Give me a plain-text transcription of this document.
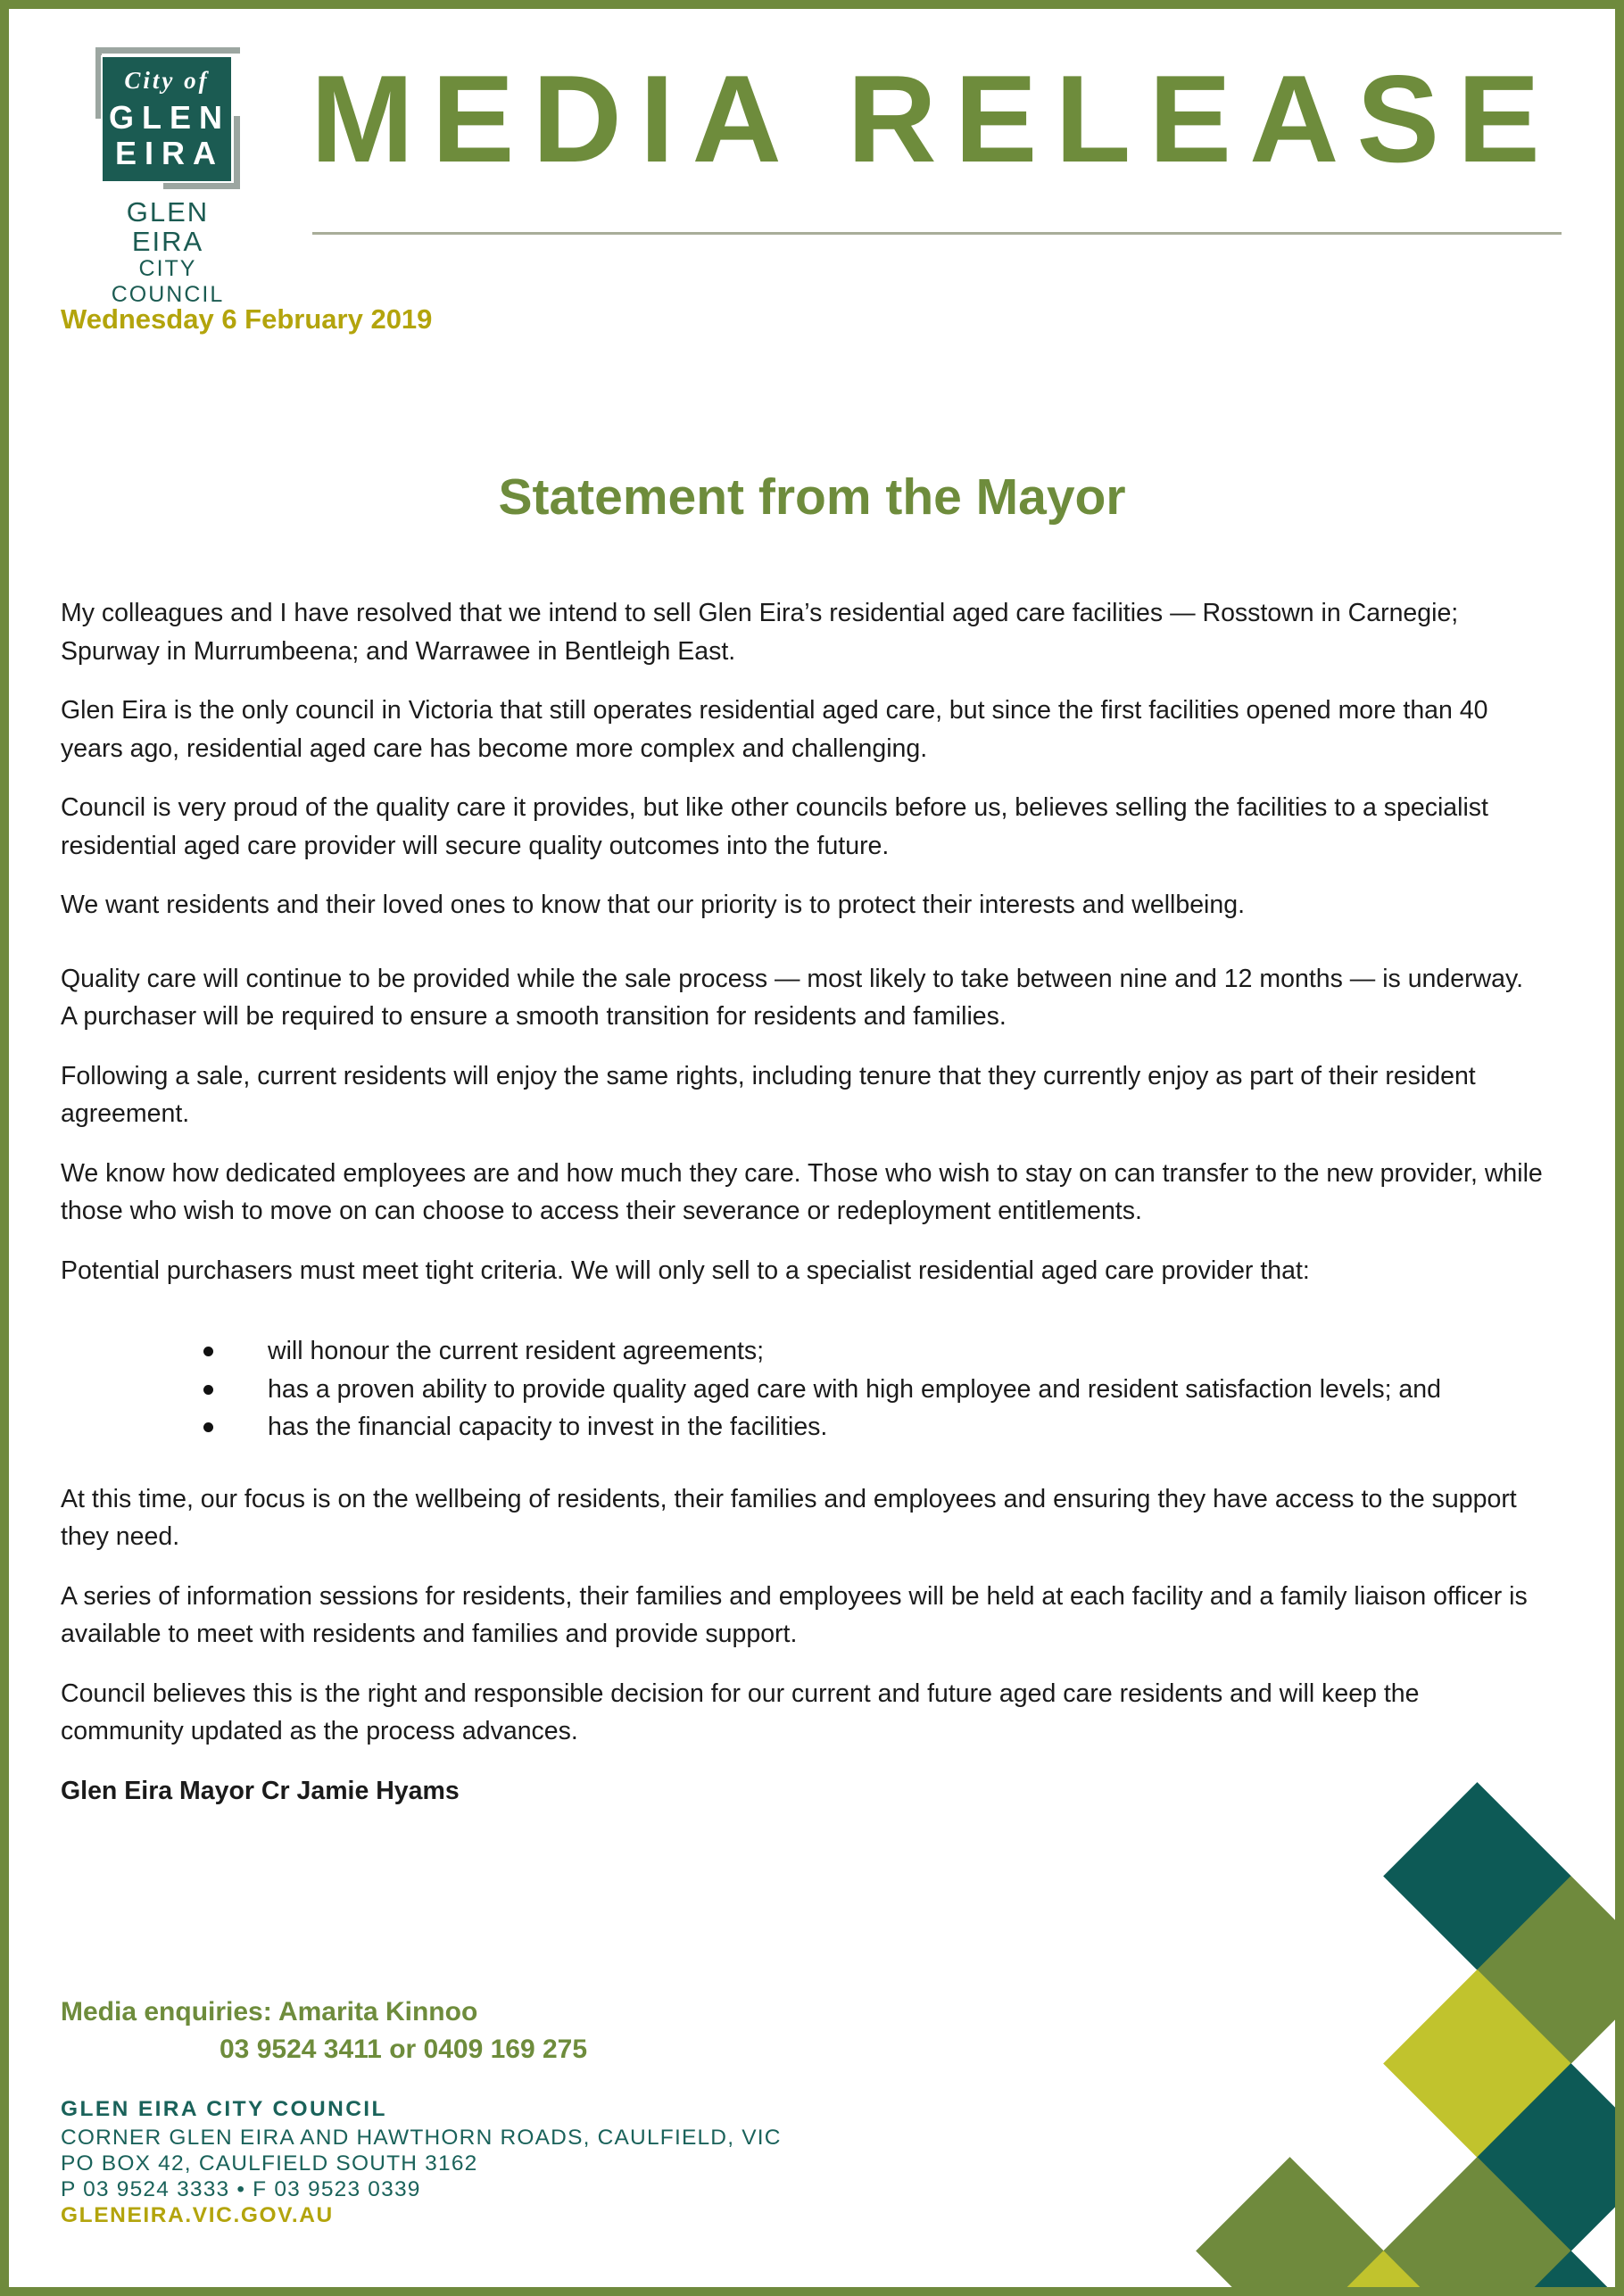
City of
GLEN
EIRA
GLEN EIRA
CITY COUNCIL
MEDIA RELEASE
Wednesday 6 February 2019
Statement from the Mayor

My colleagues and I have resolved that we intend to sell Glen Eira’s residential aged care facilities — Rosstown in Carnegie; Spurway in Murrumbeena; and Warrawee in Bentleigh East.

Glen Eira is the only council in Victoria that still operates residential aged care, but since the first facilities opened more than 40 years ago, residential aged care has become more complex and challenging.

Council is very proud of the quality care it provides, but like other councils before us, believes selling the facilities to a specialist residential aged care provider will secure quality outcomes into the future.

We want residents and their loved ones to know that our priority is to protect their interests and wellbeing.

Quality care will continue to be provided while the sale process — most likely to take between nine and 12 months — is underway. A purchaser will be required to ensure a smooth transition for residents and families.

Following a sale, current residents will enjoy the same rights, including tenure that they currently enjoy as part of their resident agreement.

We know how dedicated employees are and how much they care. Those who wish to stay on can transfer to the new provider, while those who wish to move on can choose to access their severance or redeployment entitlements.

Potential purchasers must meet tight criteria. We will only sell to a specialist residential aged care provider that:

will honour the current resident agreements;
has a proven ability to provide quality aged care with high employee and resident satisfaction levels; and
has the financial capacity to invest in the facilities.

At this time, our focus is on the wellbeing of residents, their families and employees and ensuring they have access to the support they need.

A series of information sessions for residents, their families and employees will be held at each facility and a family liaison officer is available to meet with residents and families and provide support.

Council believes this is the right and responsible decision for our current and future aged care residents and will keep the community updated as the process advances.

Glen Eira Mayor Cr Jamie Hyams

Media enquiries: Amarita Kinnoo
03 9524 3411 or 0409 169 275
GLEN EIRA CITY COUNCIL
CORNER GLEN EIRA AND HAWTHORN ROADS, CAULFIELD, VIC
PO BOX 42, CAULFIELD SOUTH 3162
P 03 9524 3333 • F 03 9523 0339
GLENEIRA.VIC.GOV.AU
